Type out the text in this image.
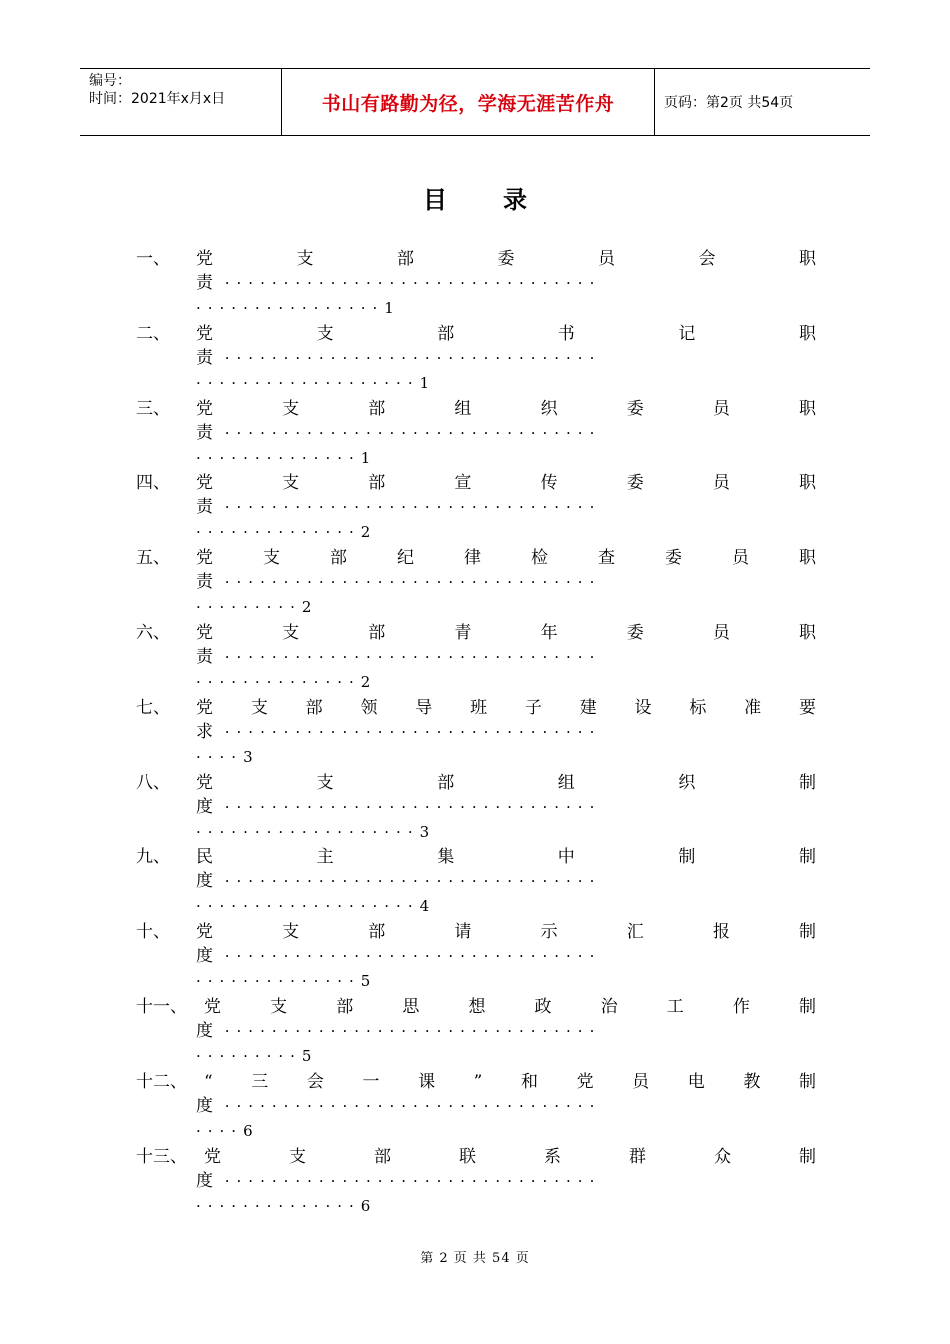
编号：
时间：2021年x月x日	书山有路勤为径，学海无涯苦作舟	页码：第2页 共54页
目录
一、 党	支	部	委	员	会	职
责 ································
················1
二、 党	支	部	书	记	职
责 ································
···················1
三、 党	支	部	组	织	委	员	职
责 ································
··············1
四、 党	支	部	宣	传	委	员	职
责 ································
··············2
五、 党	支	部	纪	律	检	查	委	员	职
责 ································
·········2
六、 党	支	部	青	年	委	员	职
责 ································
··············2
七、 党 支 部 领 导 班 子 建 设 标 准 要
求 ································
····3
八、 党	支	部	组	织	制
度 ································
···················3
九、 民	主	集	中	制	制
度 ································
···················4
十、 党	支	部	请	示	汇	报	制
度 ································
··············5
十一、 党	支	部	思	想	政	治	工	作	制
度 ································
·········5
十二、 “ 三 会 一 课 ” 和 党 员 电 教 制
度 ································
····6
十三、 党	支	部	联	系	群	众	制
度 ································
··············6
第 2 页 共 54 页
